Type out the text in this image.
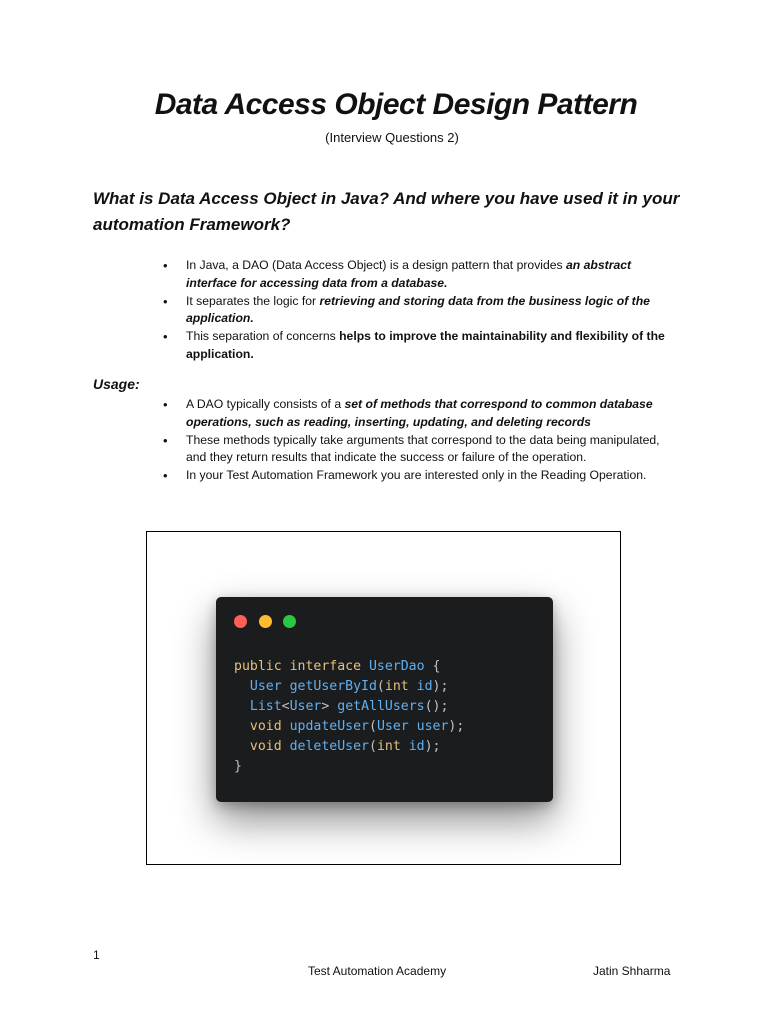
Data Access Object Design Pattern

(Interview Questions 2)

What is Data Access Object in Java? And where you have used it in your automation Framework?
• In Java, a DAO (Data Access Object) is a design pattern that provides an abstract interface for accessing data from a database.
• It separates the logic for retrieving and storing data from the business logic of the application.
• This separation of concerns helps to improve the maintainability and flexibility of the application.
Usage:
• A DAO typically consists of a set of methods that correspond to common database operations, such as reading, inserting, updating, and deleting records
• These methods typically take arguments that correspond to the data being manipulated, and they return results that indicate the success or failure of the operation.
• In your Test Automation Framework you are interested only in the Reading Operation.
public interface UserDao {
User getUserById(int id);
List<User> getAllUsers();
void updateUser(User user);
void deleteUser(int id);
}

1

Test Automation Academy	Jatin Shharma
